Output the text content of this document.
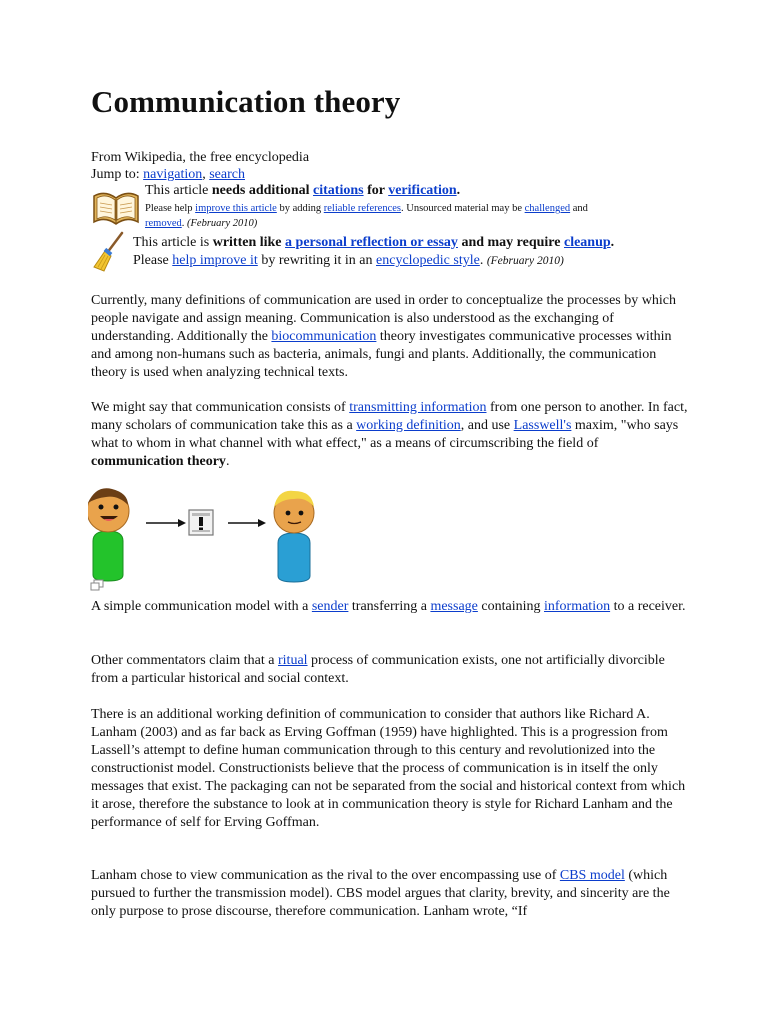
Communication theory

From Wikipedia, the free encyclopedia

Jump to: navigation, search

This article needs additional citations for verification.

Please help improve this article by adding reliable references. Unsourced material may be challenged and
removed. (February 2010)

This article is written like a personal reflection or essay and may require cleanup.

Please help improve it by rewriting it in an encyclopedic style. (February 2010)

Currently, many definitions of communication are used in order to conceptualize the processes by which people navigate and assign meaning. Communication is also understood as the exchanging of understanding. Additionally the biocommunication theory investigates communicative processes within and among non-humans such as bacteria, animals, fungi and plants. Additionally, the communication theory is used when analyzing technical texts.

We might say that communication consists of transmitting information from one person to another. In fact, many scholars of communication take this as a working definition, and use Lasswell's maxim, "who says what to whom in what channel with what effect," as a means of circumscribing the field of communication theory.

A simple communication model with a sender transferring a message containing information to a receiver.

Other commentators claim that a ritual process of communication exists, one not artificially divorcible from a particular historical and social context.

There is an additional working definition of communication to consider that authors like Richard A. Lanham (2003) and as far back as Erving Goffman (1959) have highlighted. This is a progression from Lassell’s attempt to define human communication through to this century and revolutionized into the constructionist model. Constructionists believe that the process of communication is in itself the only messages that exist. The packaging can not be separated from the social and historical context from which it arose, therefore the substance to look at in communication theory is style for Richard Lanham and the performance of self for Erving Goffman.

Lanham chose to view communication as the rival to the over encompassing use of CBS model (which pursued to further the transmission model). CBS model argues that clarity, brevity, and sincerity are the only purpose to prose discourse, therefore communication. Lanham wrote, “If
